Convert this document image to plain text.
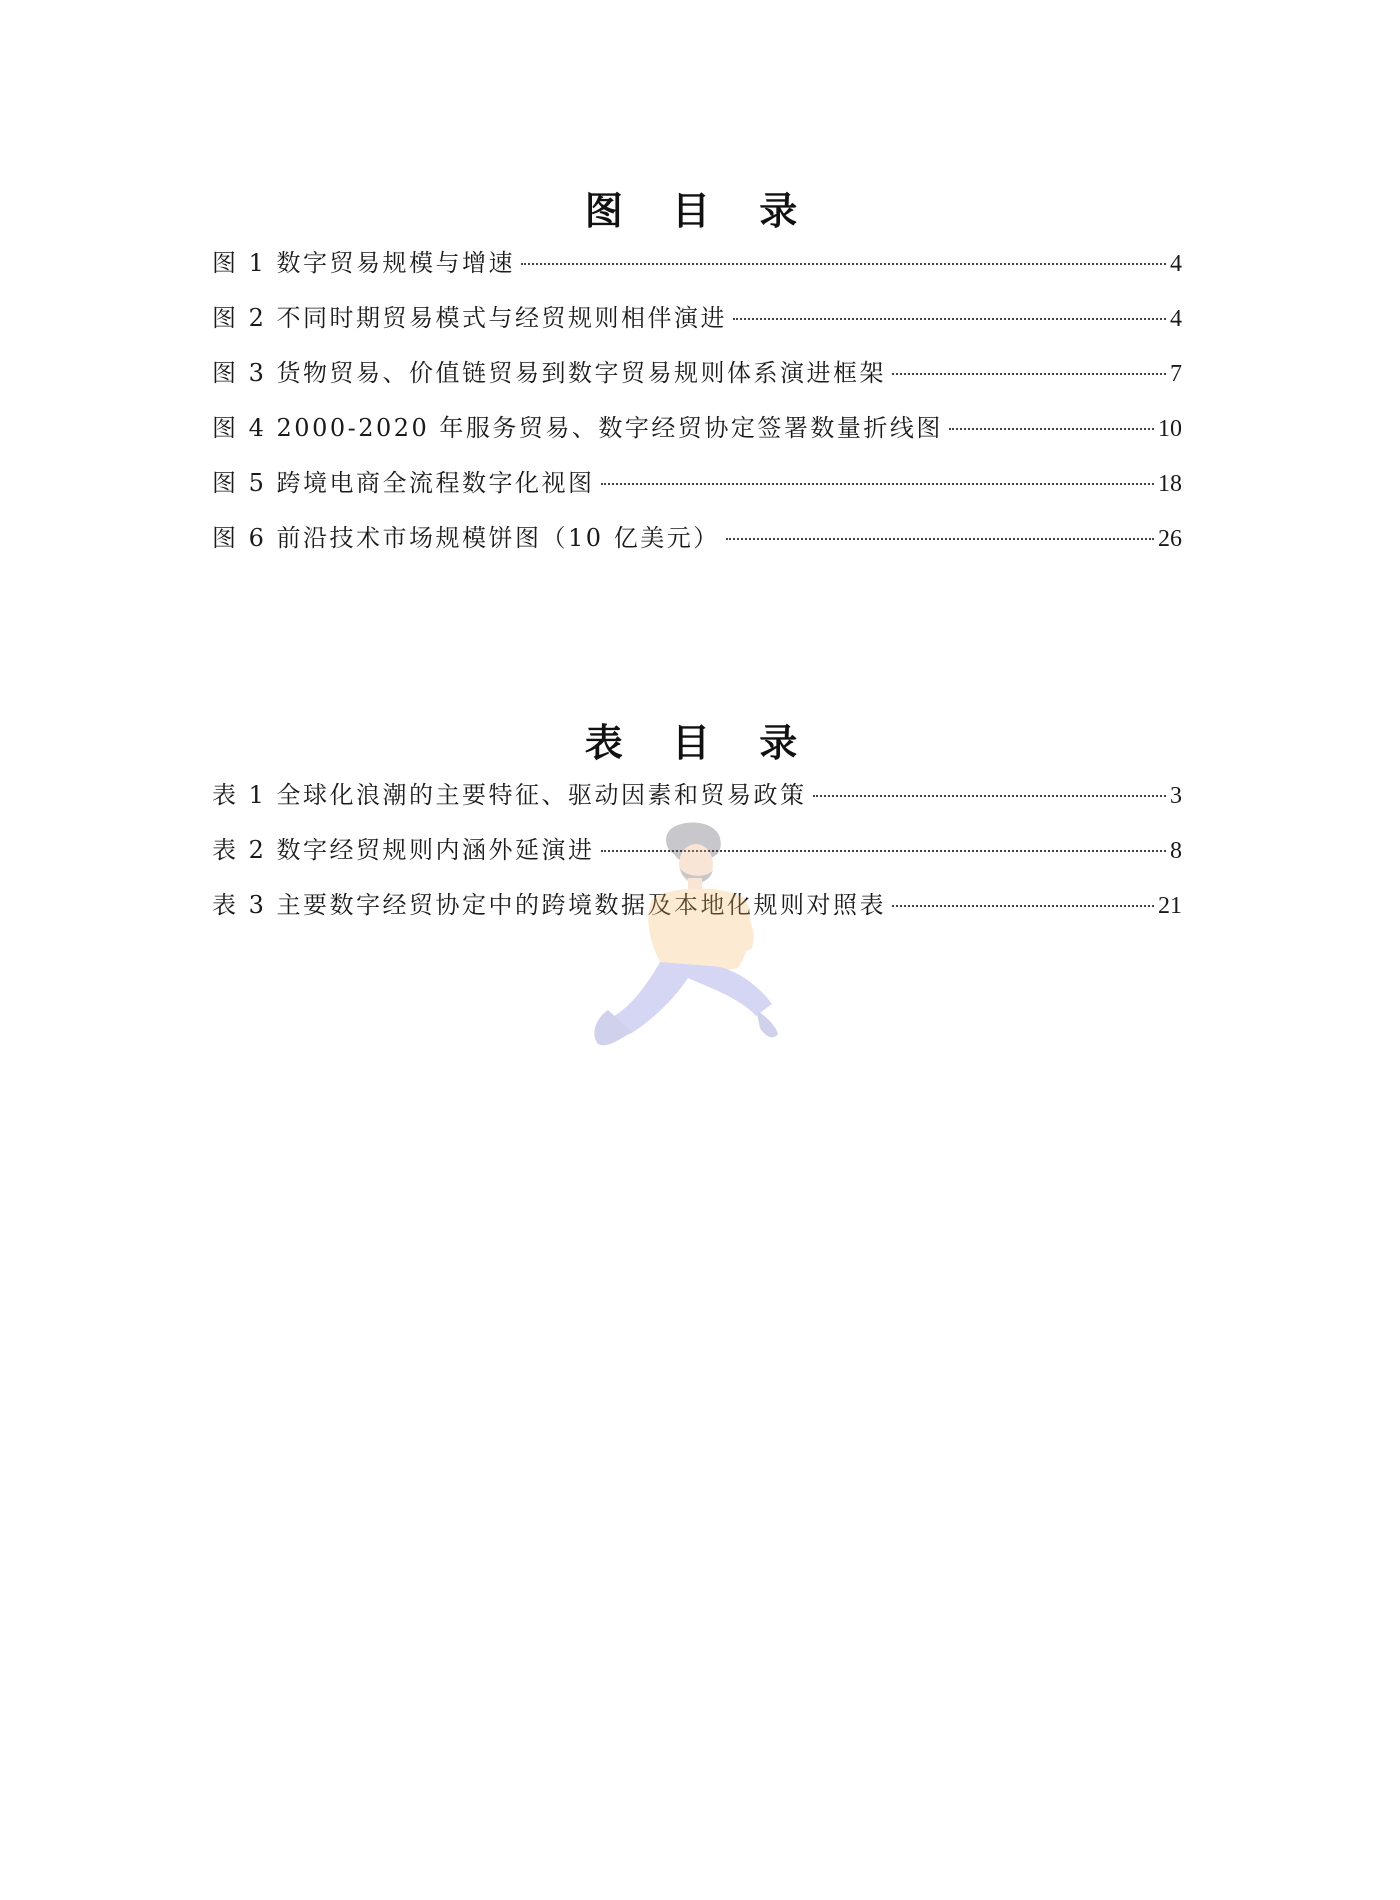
图 目 录
图 1 数字贸易规模与增速	4
图 2 不同时期贸易模式与经贸规则相伴演进	4
图 3 货物贸易、价值链贸易到数字贸易规则体系演进框架	7
图 4 2000-2020 年服务贸易、数字经贸协定签署数量折线图	10
图 5 跨境电商全流程数字化视图	18
图 6 前沿技术市场规模饼图（10 亿美元）	26
表 目 录
表 1 全球化浪潮的主要特征、驱动因素和贸易政策	3
表 2 数字经贸规则内涵外延演进	8
表 3 主要数字经贸协定中的跨境数据及本地化规则对照表	21
